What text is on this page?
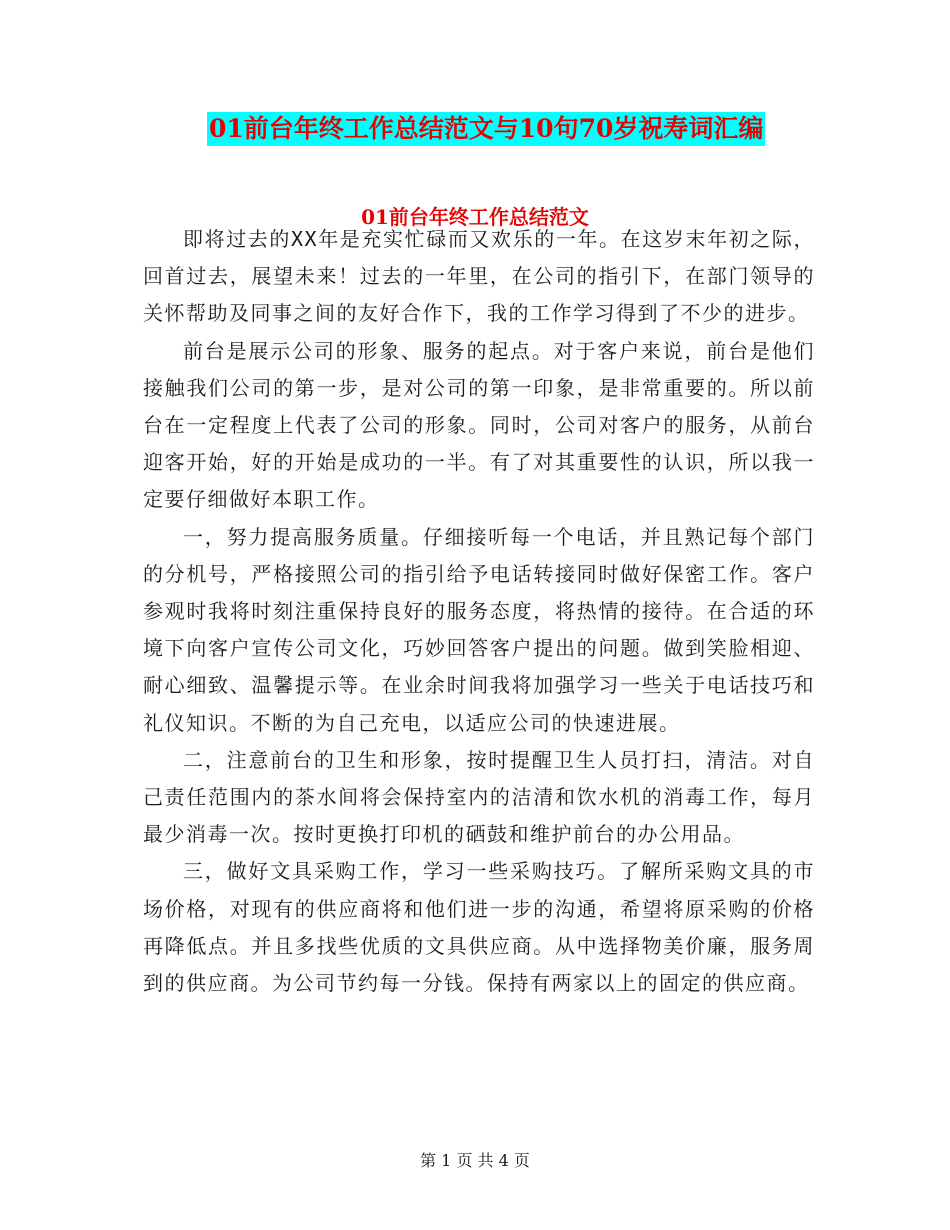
01前台年终工作总结范文与10句70岁祝寿词汇编
01前台年终工作总结范文

即将过去的XX年是充实忙碌而又欢乐的一年。在这岁末年初之际，回首过去，展望未来！过去的一年里，在公司的指引下，在部门领导的关怀帮助及同事之间的友好合作下，我的工作学习得到了不少的进步。

前台是展示公司的形象、服务的起点。对于客户来说，前台是他们接触我们公司的第一步，是对公司的第一印象，是非常重要的。所以前台在一定程度上代表了公司的形象。同时，公司对客户的服务，从前台迎客开始，好的开始是成功的一半。有了对其重要性的认识，所以我一定要仔细做好本职工作。

一，努力提高服务质量。仔细接听每一个电话，并且熟记每个部门的分机号，严格接照公司的指引给予电话转接同时做好保密工作。客户参观时我将时刻注重保持良好的服务态度，将热情的接待。在合适的环境下向客户宣传公司文化，巧妙回答客户提出的问题。做到笑脸相迎、耐心细致、温馨提示等。在业余时间我将加强学习一些关于电话技巧和礼仪知识。不断的为自己充电，以适应公司的快速进展。

二，注意前台的卫生和形象，按时提醒卫生人员打扫，清洁。对自己责任范围内的茶水间将会保持室内的洁清和饮水机的消毒工作，每月最少消毒一次。按时更换打印机的硒鼓和维护前台的办公用品。

三，做好文具采购工作，学习一些采购技巧。了解所采购文具的市场价格，对现有的供应商将和他们进一步的沟通，希望将原采购的价格再降低点。并且多找些优质的文具供应商。从中选择物美价廉，服务周到的供应商。为公司节约每一分钱。保持有两家以上的固定的供应商。

第 1 页 共 4 页
